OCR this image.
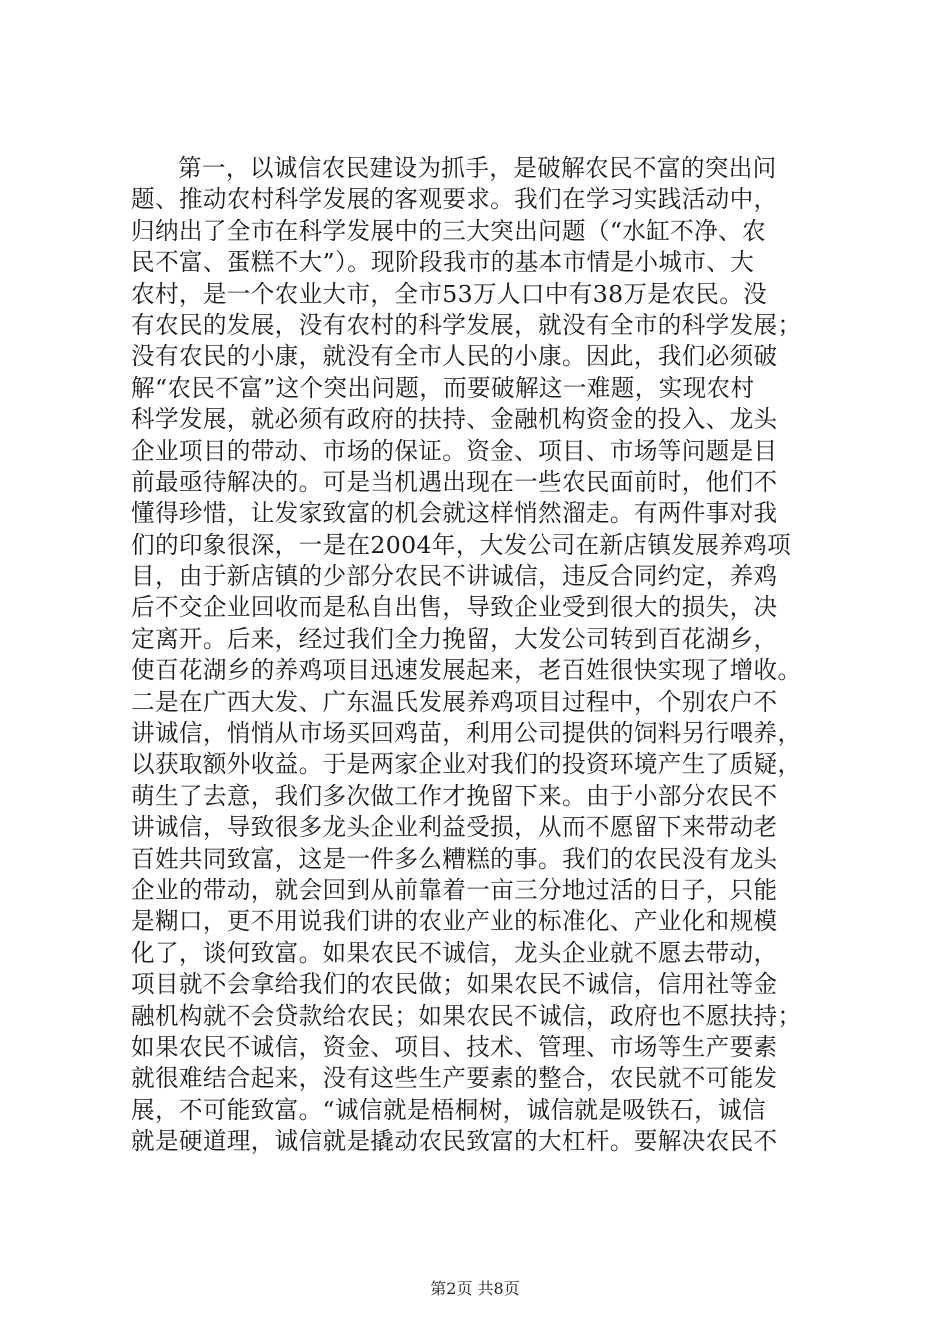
第一，以诚信农民建设为抓手，是破解农民不富的突出问
题、推动农村科学发展的客观要求。我们在学习实践活动中，
归纳出了全市在科学发展中的三大突出问题（“水缸不净、农
民不富、蛋糕不大”）。现阶段我市的基本市情是小城市、大
农村，是一个农业大市，全市53万人口中有38万是农民。没
有农民的发展，没有农村的科学发展，就没有全市的科学发展；
没有农民的小康，就没有全市人民的小康。因此，我们必须破
解“农民不富”这个突出问题，而要破解这一难题，实现农村
科学发展，就必须有政府的扶持、金融机构资金的投入、龙头
企业项目的带动、市场的保证。资金、项目、市场等问题是目
前最亟待解决的。可是当机遇出现在一些农民面前时，他们不
懂得珍惜，让发家致富的机会就这样悄然溜走。有两件事对我
们的印象很深，一是在2004年，大发公司在新店镇发展养鸡项
目，由于新店镇的少部分农民不讲诚信，违反合同约定，养鸡
后不交企业回收而是私自出售，导致企业受到很大的损失，决
定离开。后来，经过我们全力挽留，大发公司转到百花湖乡，
使百花湖乡的养鸡项目迅速发展起来，老百姓很快实现了增收。
二是在广西大发、广东温氏发展养鸡项目过程中，个别农户不
讲诚信，悄悄从市场买回鸡苗，利用公司提供的饲料另行喂养，
以获取额外收益。于是两家企业对我们的投资环境产生了质疑，
萌生了去意，我们多次做工作才挽留下来。由于小部分农民不
讲诚信，导致很多龙头企业利益受损，从而不愿留下来带动老
百姓共同致富，这是一件多么糟糕的事。我们的农民没有龙头
企业的带动，就会回到从前靠着一亩三分地过活的日子，只能
是糊口，更不用说我们讲的农业产业的标准化、产业化和规模
化了，谈何致富。如果农民不诚信，龙头企业就不愿去带动，
项目就不会拿给我们的农民做；如果农民不诚信，信用社等金
融机构就不会贷款给农民；如果农民不诚信，政府也不愿扶持；
如果农民不诚信，资金、项目、技术、管理、市场等生产要素
就很难结合起来，没有这些生产要素的整合，农民就不可能发
展，不可能致富。“诚信就是梧桐树，诚信就是吸铁石，诚信
就是硬道理，诚信就是撬动农民致富的大杠杆。要解决农民不
第2页 共8页
